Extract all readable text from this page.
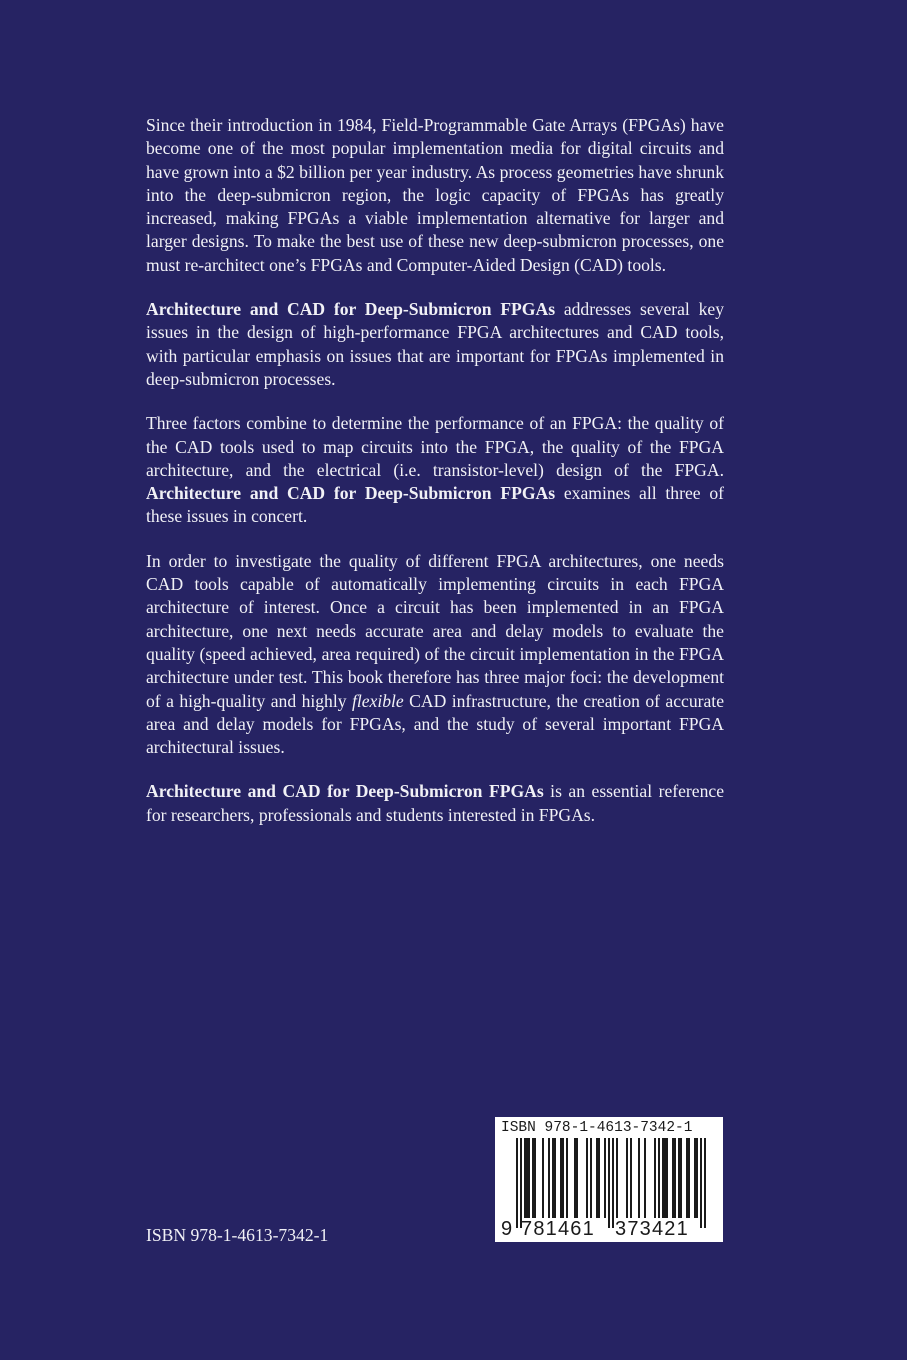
Since their introduction in 1984, Field-Programmable Gate Arrays (FPGAs) have become one of the most popular implementation media for digital circuits and have grown into a $2 billion per year industry. As process geometries have shrunk into the deep-submicron region, the logic capacity of FPGAs has greatly increased, making FPGAs a viable implementation alternative for larger and larger designs. To make the best use of these new deep-submicron processes, one must re-architect one’s FPGAs and Computer-Aided Design (CAD) tools.

Architecture and CAD for Deep-Submicron FPGAs addresses several key issues in the design of high-performance FPGA architectures and CAD tools, with particular emphasis on issues that are important for FPGAs implemented in deep-submicron processes.

Three factors combine to determine the performance of an FPGA: the quality of the CAD tools used to map circuits into the FPGA, the quality of the FPGA architecture, and the electrical (i.e. transistor-level) design of the FPGA. Architecture and CAD for Deep-Submicron FPGAs examines all three of these issues in concert.

In order to investigate the quality of different FPGA architectures, one needs CAD tools capable of automatically implementing circuits in each FPGA architecture of interest. Once a circuit has been implemented in an FPGA architecture, one next needs accurate area and delay models to evaluate the quality (speed achieved, area required) of the circuit implementation in the FPGA architecture under test. This book therefore has three major foci: the development of a high-quality and highly flexible CAD infrastructure, the creation of accurate area and delay models for FPGAs, and the study of several important FPGA architectural issues.

Architecture and CAD for Deep-Submicron FPGAs is an essential reference for researchers, professionals and students interested in FPGAs.

ISBN 978-1-4613-7342-1
ISBN 978-1-4613-7342-1
9 781461 373421
